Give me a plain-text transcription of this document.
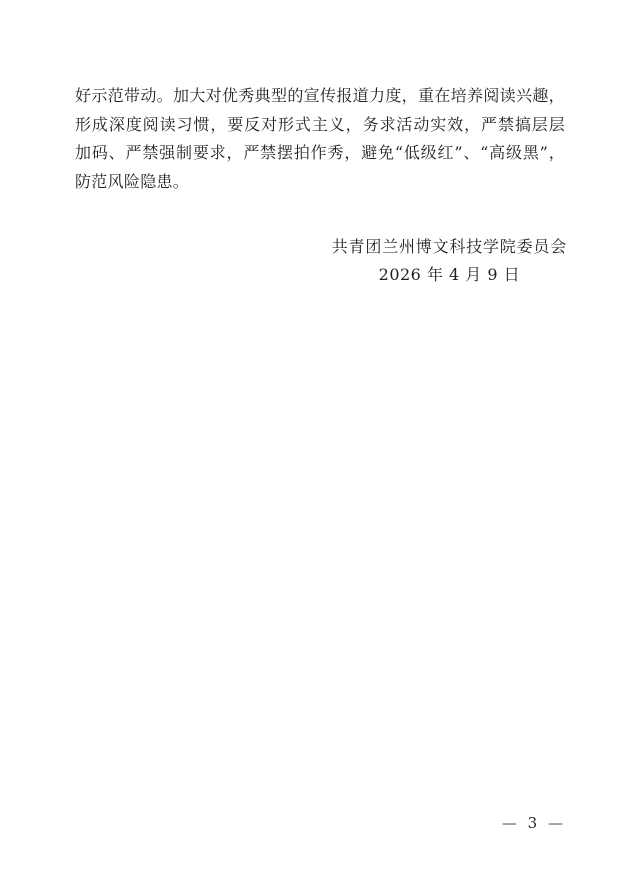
好示范带动。加大对优秀典型的宣传报道力度，重在培养阅读兴趣，
形成深度阅读习惯，要反对形式主义，务求活动实效，严禁搞层层
加码、严禁强制要求，严禁摆拍作秀，避免“低级红”、“高级黑”，
防范风险隐患。
共青团兰州博文科技学院委员会
2026 年 4 月 9 日
— 3 —
